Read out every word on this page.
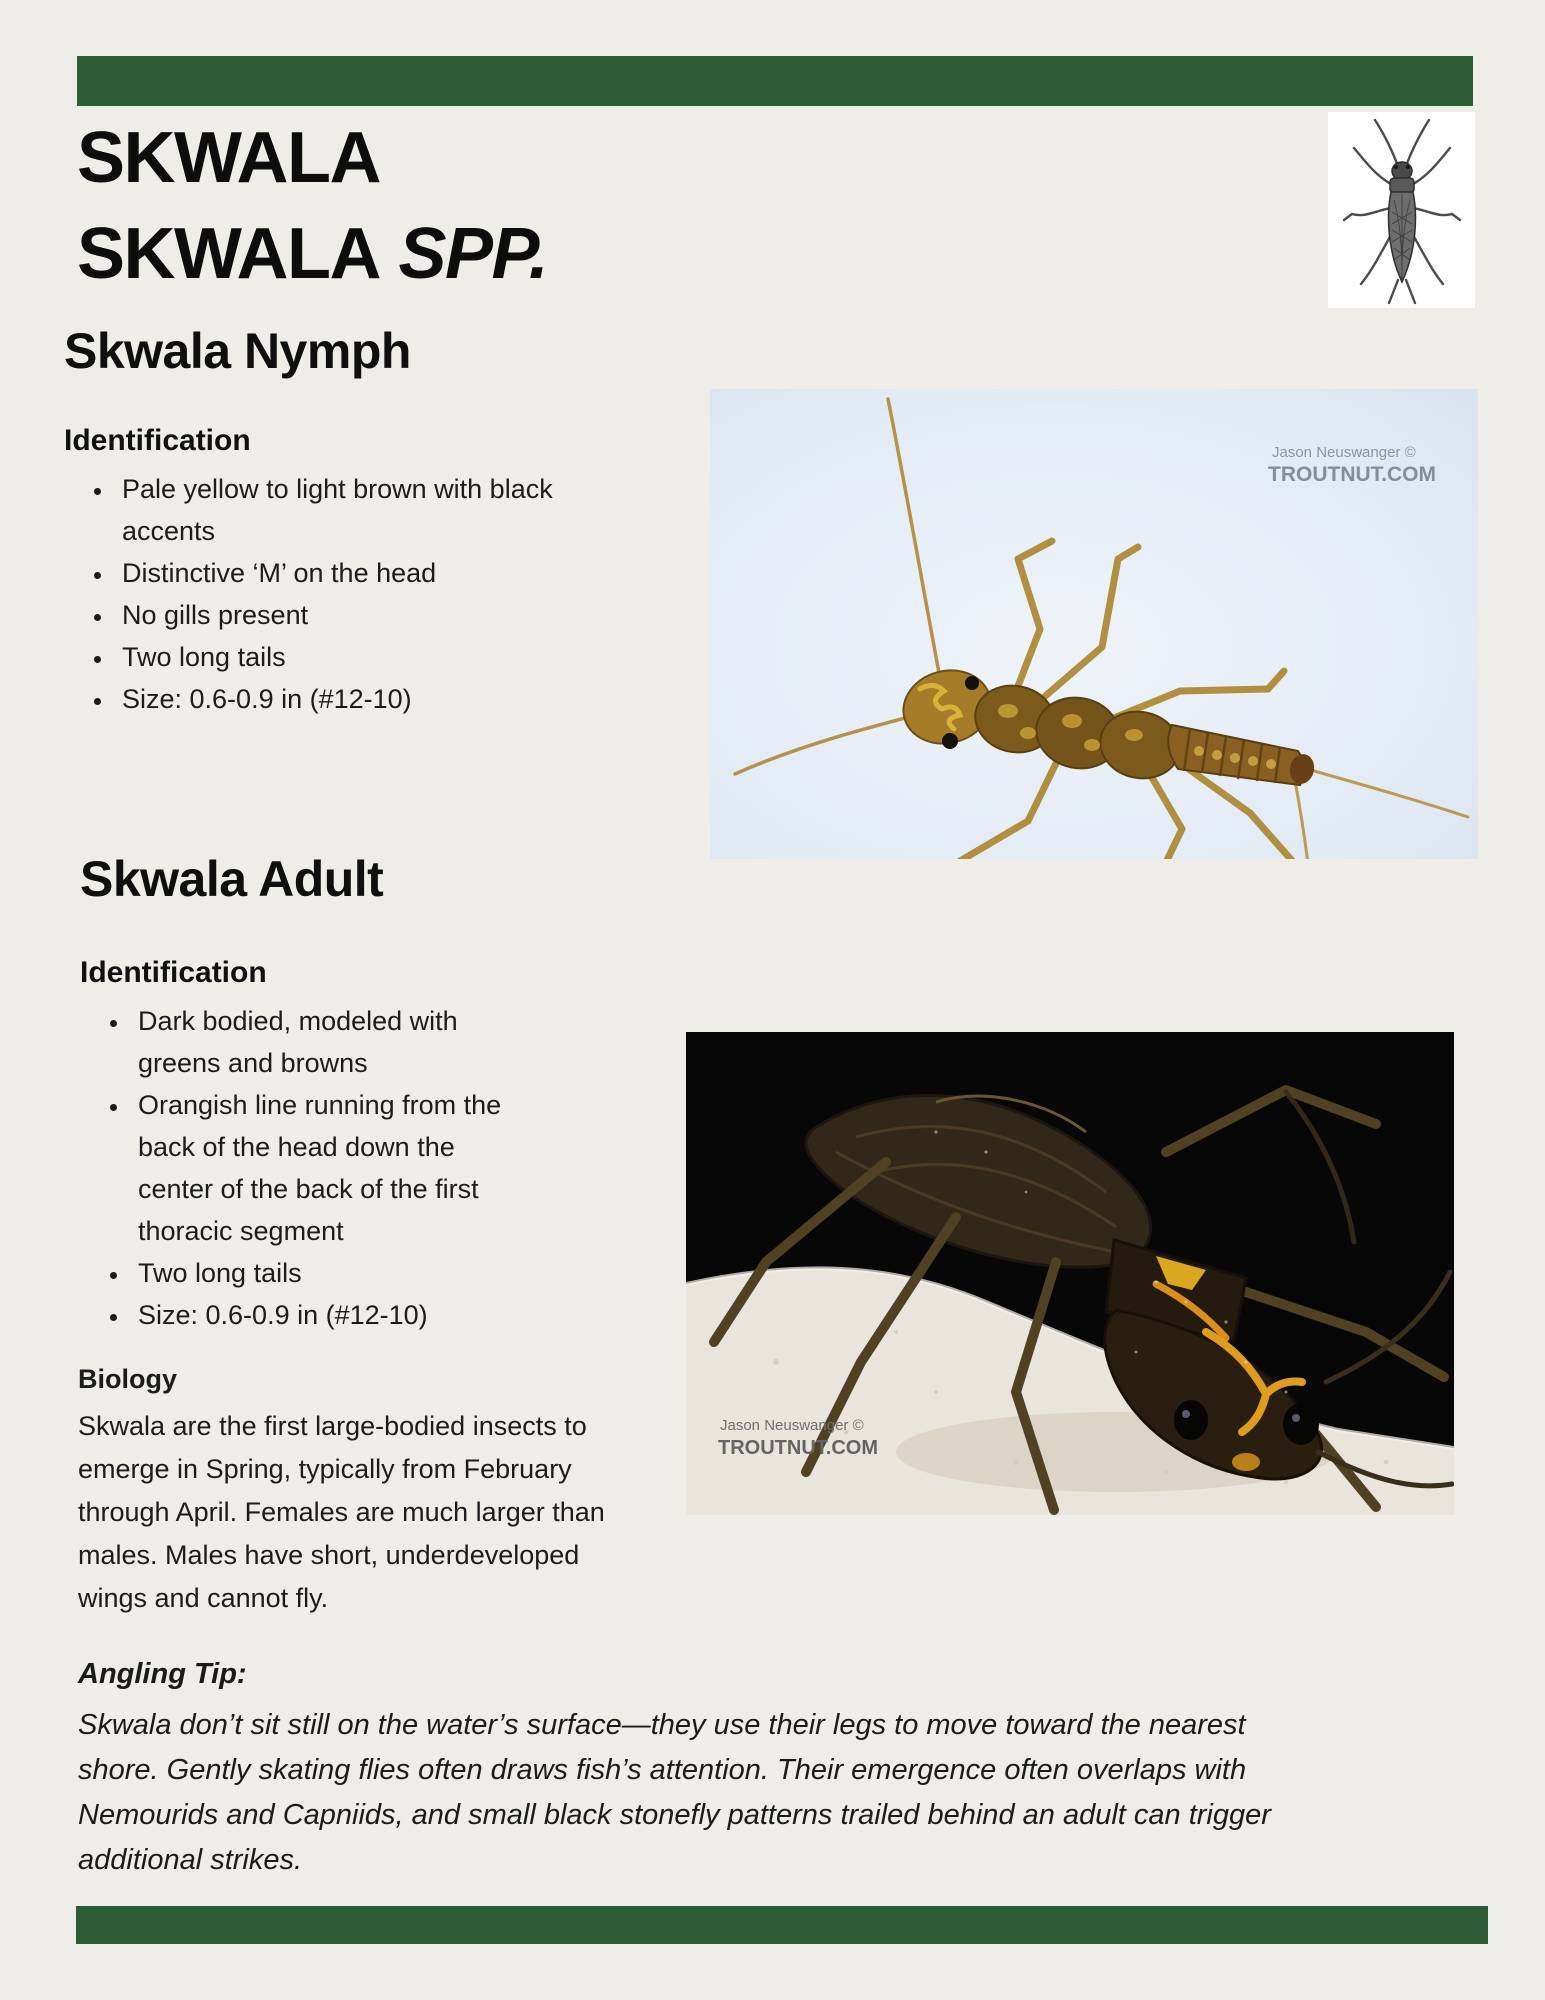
SKWALA
SKWALA SPP.
Skwala Nymph

Identification

• Pale yellow to light brown with black accents
• Distinctive ‘M’ on the head
• No gills present
• Two long tails
• Size: 0.6-0.9 in (#12-10)
Jason Neuswanger ©
TROUTNUT.COM
Skwala Adult

Identification

• Dark bodied, modeled with greens and browns
• Orangish line running from the back of the head down the center of the back of the first thoracic segment
• Two long tails
• Size: 0.6-0.9 in (#12-10)

Biology

Skwala are the first large-bodied insects to emerge in Spring, typically from February through April. Females are much larger than males. Males have short, underdeveloped wings and cannot fly.

Jason Neuswanger ©
TROUTNUT.COM

Angling Tip:

Skwala don’t sit still on the water’s surface—they use their legs to move toward the nearest shore. Gently skating flies often draws fish’s attention. Their emergence often overlaps with Nemourids and Capniids, and small black stonefly patterns trailed behind an adult can trigger additional strikes.
